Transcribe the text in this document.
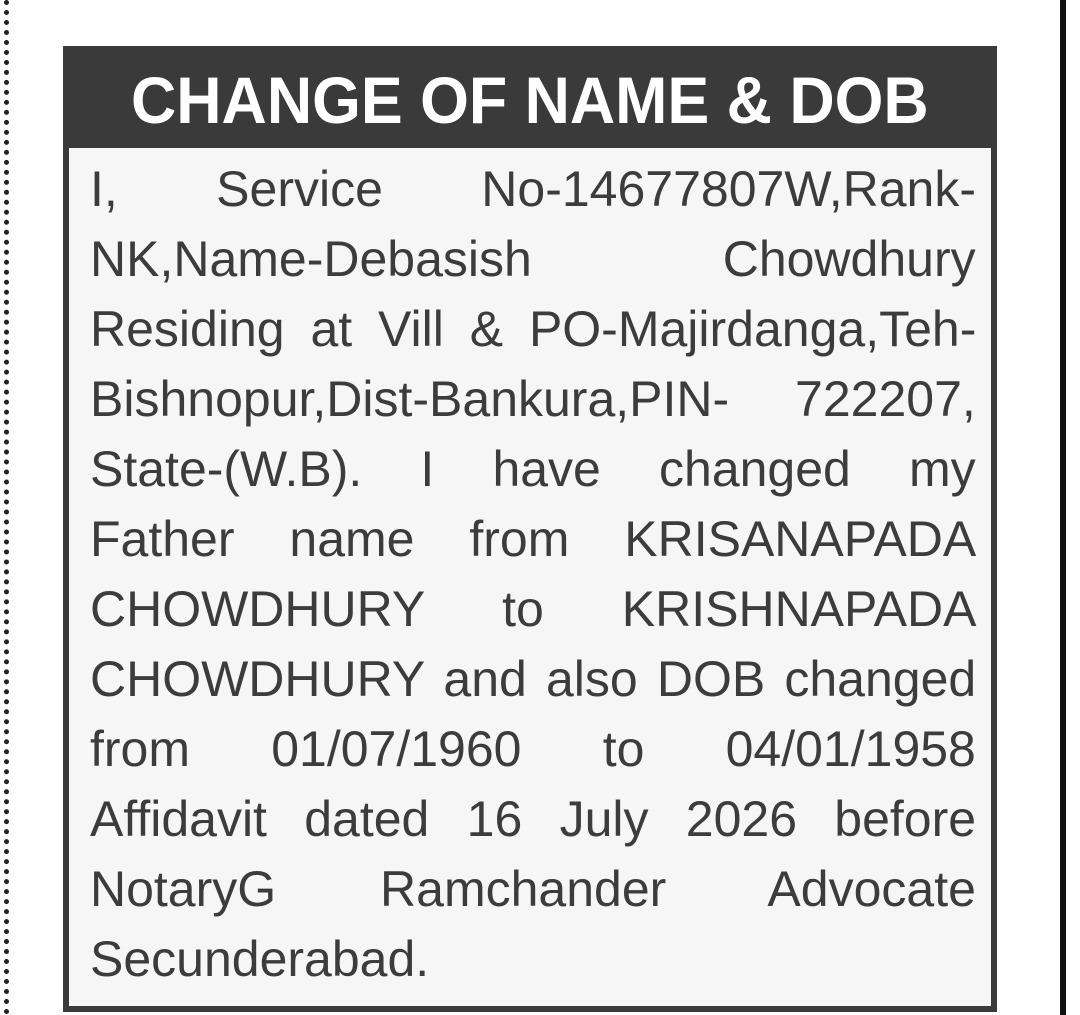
CHANGE OF NAME & DOB
I, Service No-14677807W,Rank-
NK,Name-Debasish Chowdhury
Residing at Vill & PO-Majirdanga,Teh-
Bishnopur,Dist-Bankura,PIN- 722207,
State-(W.B). I have changed my
Father name from KRISANAPADA
CHOWDHURY to KRISHNAPADA
CHOWDHURY and also DOB changed
from 01/07/1960 to 04/01/1958
Affidavit dated 16 July 2026 before
NotaryG Ramchander Advocate
Secunderabad.
